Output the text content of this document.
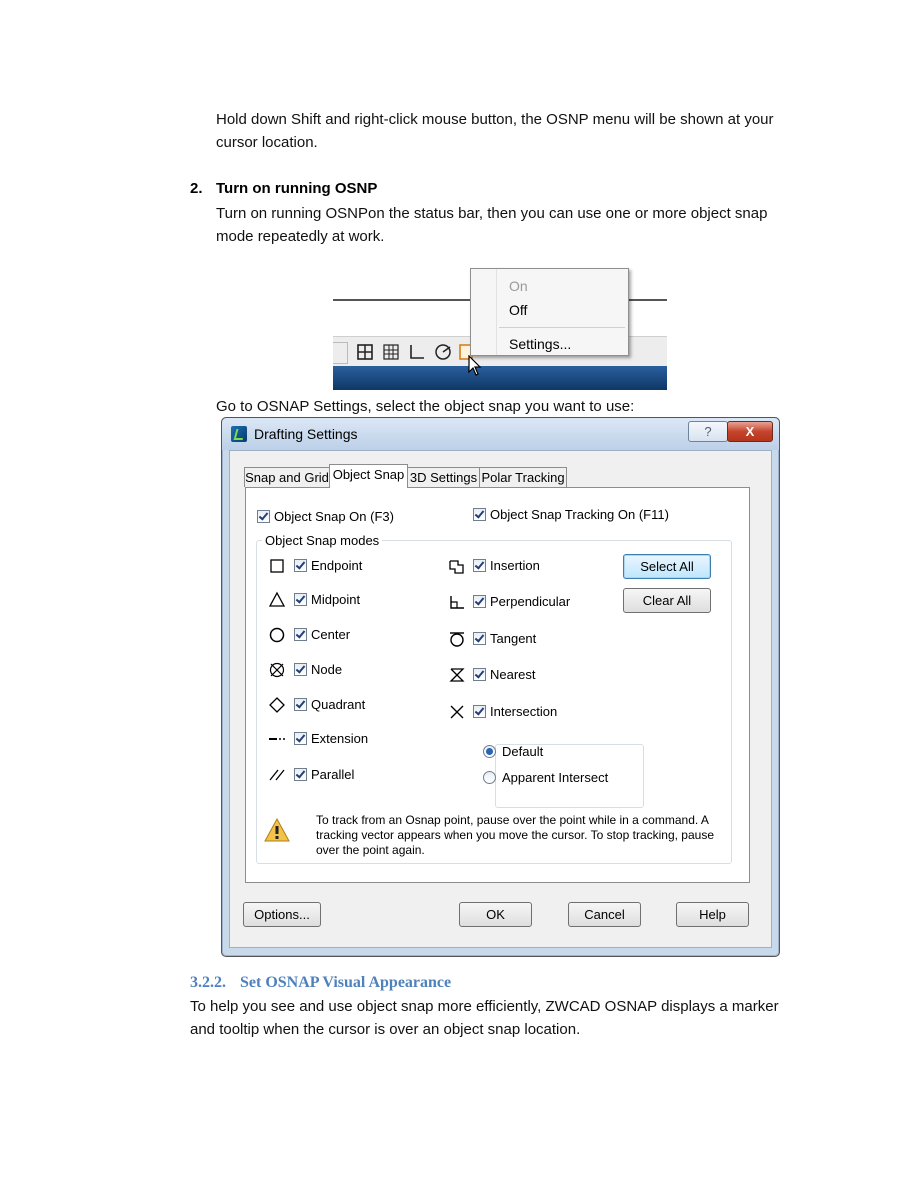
Hold down Shift and right-click mouse button, the OSNP menu will be shown at your cursor location.
2. Turn on running OSNP
Turn on running OSNPon the status bar, then you can use one or more object snap mode repeatedly at work.
On
Off
Settings...
Go to OSNAP Settings, select the object snap you want to use:
Drafting Settings	?	X
Snap and Grid Object Snap 3D Settings Polar Tracking
Object Snap On (F3)	Object Snap Tracking On (F11)
Object Snap modes
Endpoint
Midpoint
Center
Node
Quadrant
Extension
Parallel
Insertion
Perpendicular
Tangent
Nearest
Intersection
Select All
Clear All
Default
Apparent Intersect
To track from an Osnap point, pause over the point while in a command. A tracking vector appears when you move the cursor. To stop tracking, pause over the point again.
Options...	OK	Cancel	Help
3.2.2. Set OSNAP Visual Appearance
To help you see and use object snap more efficiently, ZWCAD OSNAP displays a marker and tooltip when the cursor is over an object snap location.
